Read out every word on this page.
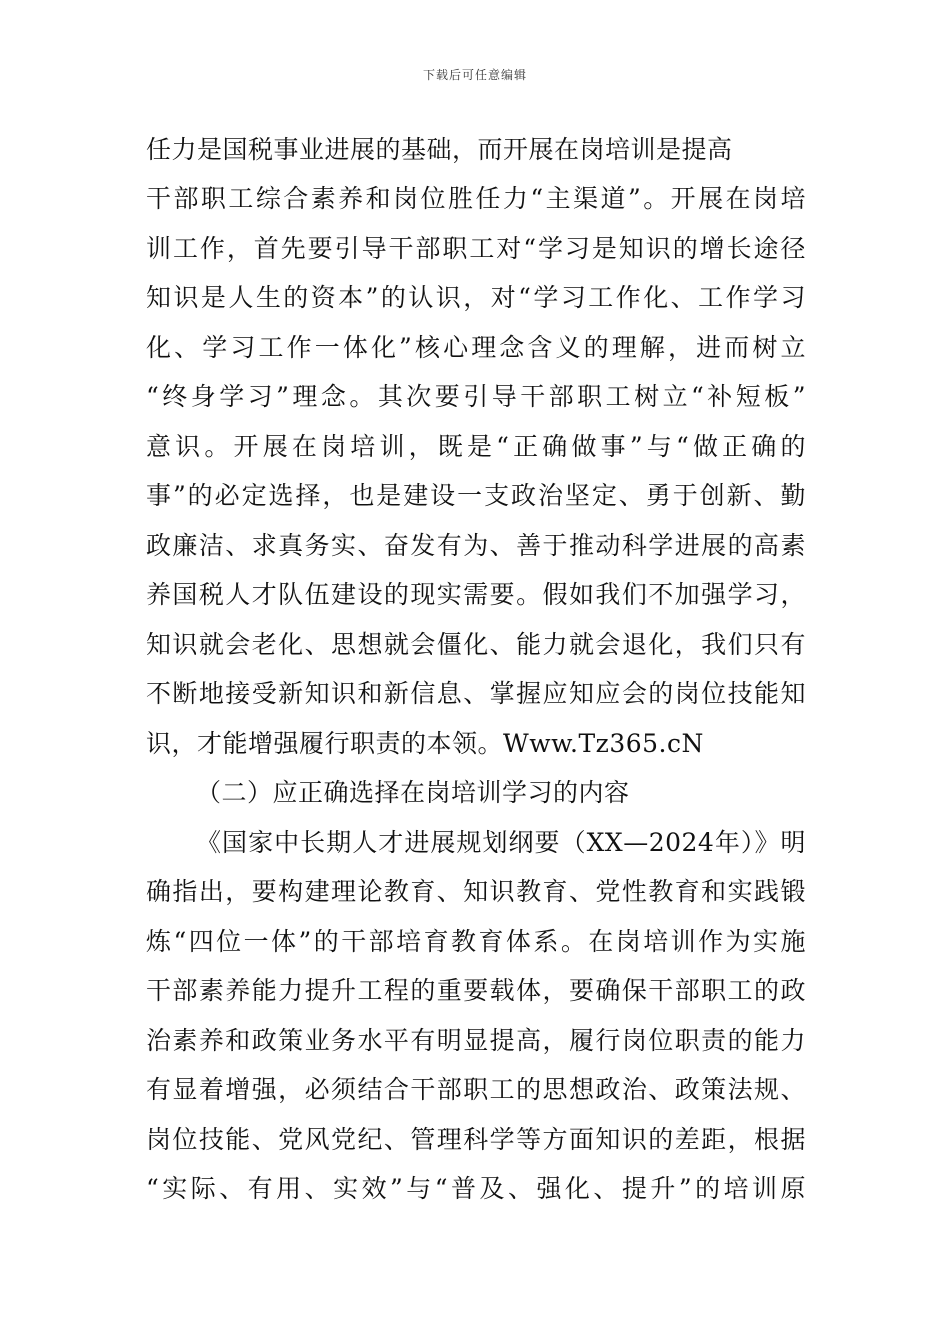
下载后可任意编辑
任力是国税事业进展的基础，而开展在岗培训是提高
干部职工综合素养和岗位胜任力“主渠道”。开展在岗培
训工作，首先要引导干部职工对“学习是知识的增长途径
知识是人生的资本”的认识，对“学习工作化、工作学习
化、学习工作一体化”核心理念含义的理解，进而树立
“终身学习”理念。其次要引导干部职工树立“补短板”
意识。开展在岗培训，既是“正确做事”与“做正确的
事”的必定选择，也是建设一支政治坚定、勇于创新、勤
政廉洁、求真务实、奋发有为、善于推动科学进展的高素
养国税人才队伍建设的现实需要。假如我们不加强学习，
知识就会老化、思想就会僵化、能力就会退化，我们只有
不断地接受新知识和新信息、掌握应知应会的岗位技能知
识，才能增强履行职责的本领。Www.Tz365.cN
（二）应正确选择在岗培训学习的内容
《国家中长期人才进展规划纲要（XX—2024年）》明
确指出，要构建理论教育、知识教育、党性教育和实践锻
炼“四位一体”的干部培育教育体系。在岗培训作为实施
干部素养能力提升工程的重要载体，要确保干部职工的政
治素养和政策业务水平有明显提高，履行岗位职责的能力
有显着增强，必须结合干部职工的思想政治、政策法规、
岗位技能、党风党纪、管理科学等方面知识的差距，根据
“实际、有用、实效”与“普及、强化、提升”的培训原
